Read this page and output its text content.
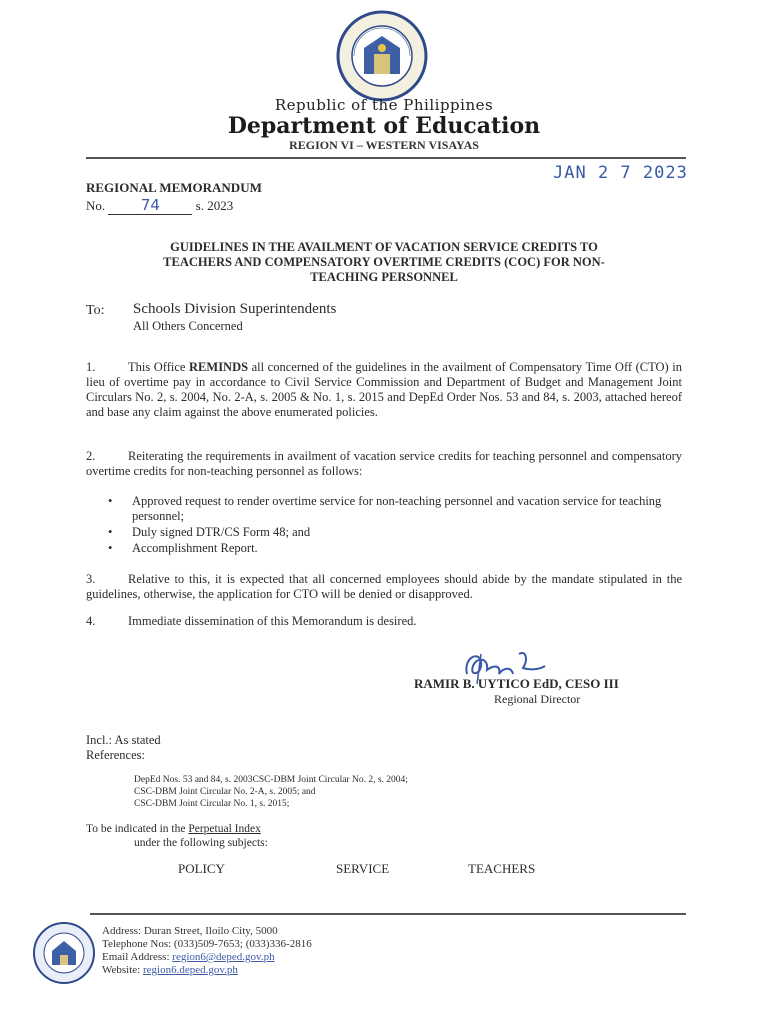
Republic of the Philippines
Department of Education
REGION VI – WESTERN VISAYAS
JAN 2 7 2023
REGIONAL MEMORANDUM
No. 74	s. 2023
GUIDELINES IN THE AVAILMENT OF VACATION SERVICE CREDITS TO
TEACHERS AND COMPENSATORY OVERTIME CREDITS (COC) FOR NON-
TEACHING PERSONNEL
To: Schools Division Superintendents
All Others Concerned
1.	This Office REMINDS all concerned of the guidelines in the availment of Compensatory Time Off (CTO) in lieu of overtime pay in accordance to Civil Service Commission and Department of Budget and Management Joint Circulars No. 2, s. 2004, No. 2-A, s. 2005 & No. 1, s. 2015 and DepEd Order Nos. 53 and 84, s. 2003, attached hereof and base any claim against the above enumerated policies.
2.	Reiterating the requirements in availment of vacation service credits for teaching personnel and compensatory overtime credits for non-teaching personnel as follows:
• Approved request to render overtime service for non-teaching personnel and vacation service for teaching personnel;
• Duly signed DTR/CS Form 48; and
• Accomplishment Report.
3.	Relative to this, it is expected that all concerned employees should abide by the mandate stipulated in the guidelines, otherwise, the application for CTO will be denied or disapproved.
4.	Immediate dissemination of this Memorandum is desired.
RAMIR B. UYTICO EdD, CESO III
Regional Director
Incl.: As stated
References:
DepEd Nos. 53 and 84, s. 2003CSC-DBM Joint Circular No. 2, s. 2004;
CSC-DBM Joint Circular No. 2-A, s. 2005; and
CSC-DBM Joint Circular No. 1, s. 2015;
To be indicated in the Perpetual Index
under the following subjects:
POLICY	SERVICE	TEACHERS
Address: Duran Street, Iloilo City, 5000
Telephone Nos: (033)509-7653; (033)336-2816
Email Address: region6@deped.gov.ph
Website: region6.deped.gov.ph
